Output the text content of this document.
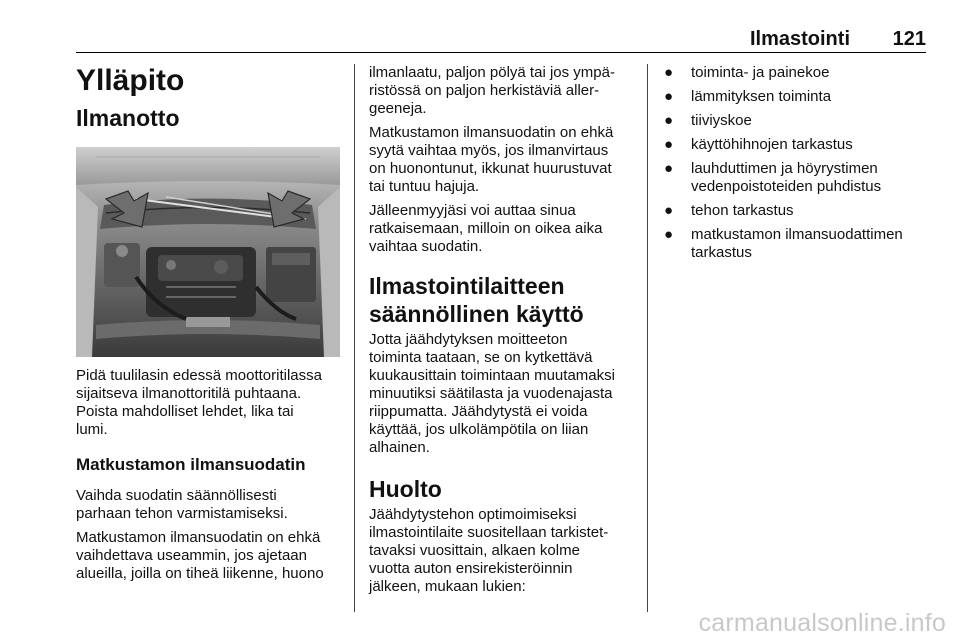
Ilmastointi 121
Ylläpito
Ilmanotto

Pidä tuulilasin edessä moottoritilassa
sijaitseva ilmanottoritilä puhtaana.
Poista mahdolliset lehdet, lika tai
lumi.

Matkustamon ilmansuodatin

Vaihda suodatin säännöllisesti
parhaan tehon varmistamiseksi.

Matkustamon ilmansuodatin on ehkä
vaihdettava useammin, jos ajetaan
alueilla, joilla on tiheä liikenne, huono

ilmanlaatu, paljon pölyä tai jos ympä-
ristössä on paljon herkistäviä aller-
geeneja.

Matkustamon ilmansuodatin on ehkä
syytä vaihtaa myös, jos ilmanvirtaus
on huonontunut, ikkunat huurustuvat
tai tuntuu hajuja.

Jälleenmyyjäsi voi auttaa sinua
ratkaisemaan, milloin on oikea aika
vaihtaa suodatin.

Ilmastointilaitteen
säännöllinen käyttö

Jotta jäähdytyksen moitteeton
toiminta taataan, se on kytkettävä
kuukausittain toimintaan muutamaksi
minuutiksi säätilasta ja vuodenajasta
riippumatta. Jäähdytystä ei voida
käyttää, jos ulkolämpötila on liian
alhainen.

Huolto

Jäähdytystehon optimoimiseksi
ilmastointilaite suositellaan tarkistet-
tavaksi vuosittain, alkaen kolme
vuotta auton ensirekisteröinnin
jälkeen, mukaan lukien:

● toiminta- ja painekoe
● lämmityksen toiminta
● tiiviyskoe
● käyttöhihnojen tarkastus
● lauhduttimen ja höyrystimen
vedenpoistoteiden puhdistus
● tehon tarkastus
● matkustamon ilmansuodattimen
tarkastus
carmanualsonline.info
